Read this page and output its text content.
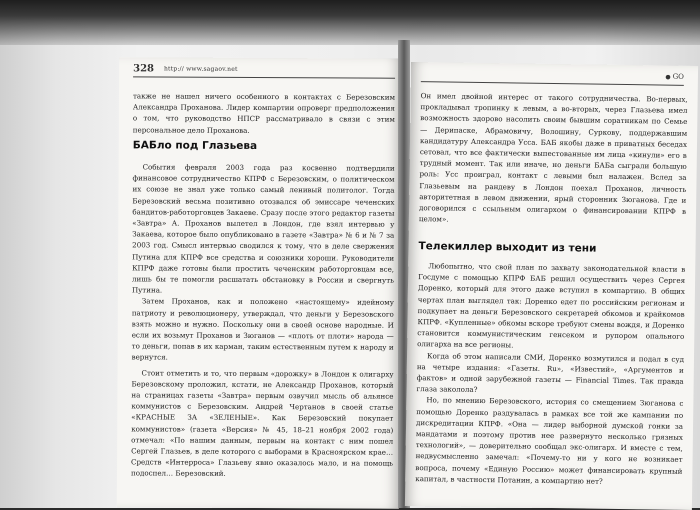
328 http:// www.sagaov.net

также не нашел ничего особенного в контактах с Березовским Александра Проханова. Лидер компартии опроверг предположения о том, что руководство НПСР рассматривало в связи с этим персональное дело Проханова.

БАБло под Глазьева

События февраля 2003 года раз косвенно подтвердили финансовое сотрудничество КПРФ с Березовским, о политическом их союзе не знал уже только самый ленивый политолог. Тогда Березовский весьма позитивно отозвался об эмиссаре чеченских бандитов-работорговцев Закаеве. Сразу после этого редактор газеты «Завтра» А. Проханов вылетел в Лондон, где взял интервью у Закаева, которое было опубликовано в газете «Завтра» № 6 и № 7 за 2003 год. Смысл интервью сводился к тому, что в деле свержения Путина для КПРФ все средства и союзники хороши. Руководители КПРФ даже готовы были простить чеченским работорговцам все, лишь бы те помогли расшатать обстановку в России и свергнуть Путина.

Затем Проханов, как и положено «настоящему» идейному патриоту и революционеру, утверждал, что деньги у Березовского взять можно и нужно. Поскольку они в своей основе народные. И если их возьмут Проханов и Зюганов — «плоть от плоти» народа — то деньги, попав в их карман, таким естественным путем к народу и вернутся.

Стоит отметить и то, что первым «дорожку» в Лондон к олигарху Березовскому проложил, кстати, не Александр Проханов, который на страницах газеты «Завтра» первым озвучил мысль об альянсе коммунистов с Березовским. Андрей Чертанов в своей статье «КРАСНЫЕ ЗА «ЗЕЛЕНЫЕ». Как Березовский покупает коммунистов» (газета «Версия» № 45, 18–21 ноября 2002 года) отмечал: «По нашим данным, первым на контакт с ним пошел Сергей Глазьев, в деле которого с выборами в Красноярском крае… Средств «Интерроса» Глазьеву явно оказалось мало, и на помощь подоспел… Березовский.

● GO

Он имел двойной интерес от такого сотрудничества. Во-первых, прокладывал тропинку к левым, а во-вторых, через Глазьева имел возможность здорово насолить своим бывшим соратникам по Семье — Дерипаске, Абрамовичу, Волошину, Суркову, поддержавшим кандидатуру Александра Усса. БАБ якобы даже в приватных беседах сетовал, что все фактически выпестованные им лица «кинули» его в трудный момент. Так или иначе, но деньги БАБа сыграли большую роль: Усс проиграл, контакт с левыми был налажен. Вслед за Глазьевым на рандеву в Лондон поехал Проханов, личность авторитетная в левом движении, ярый сторонник Зюганова. Где и договорился с ссыльным олигархом о финансировании КПРФ в целом».

Телекиллер выходит из тени

Любопытно, что свой план по захвату законодательной власти в Госдуме с помощью КПРФ БАБ решил осуществить через Сергея Доренко, который для этого даже вступил в компартию. В общих чертах план выглядел так: Доренко едет по российским регионам и подкупает на деньги Березовского секретарей обкомов и крайкомов КПРФ. «Купленные» обкомы вскоре требуют смены вождя, и Доренко становится коммунистическим генсеком и рупором опального олигарха на все регионы.

Когда об этом написали СМИ, Доренко возмутился и подал в суд на четыре издания: «Газеты. Ru», «Известий», «Аргументов и фактов» и одной зарубежной газеты — Financial Times. Так правда глаза заколола?

Но, по мнению Березовского, история со смещением Зюганова с помощью Доренко раздувалась в рамках все той же кампании по дискредитации КПРФ. «Она — лидер выборной думской гонки за мандатами и поэтому против нее развернуто несколько грязных технологий», — доверительно сообщал экс-олигарх. И вместе с тем, недвусмысленно замечал: «Почему-то ни у кого не возникает вопроса, почему «Единую Россию» может финансировать крупный капитал, в частности Потанин, а компартию нет?
